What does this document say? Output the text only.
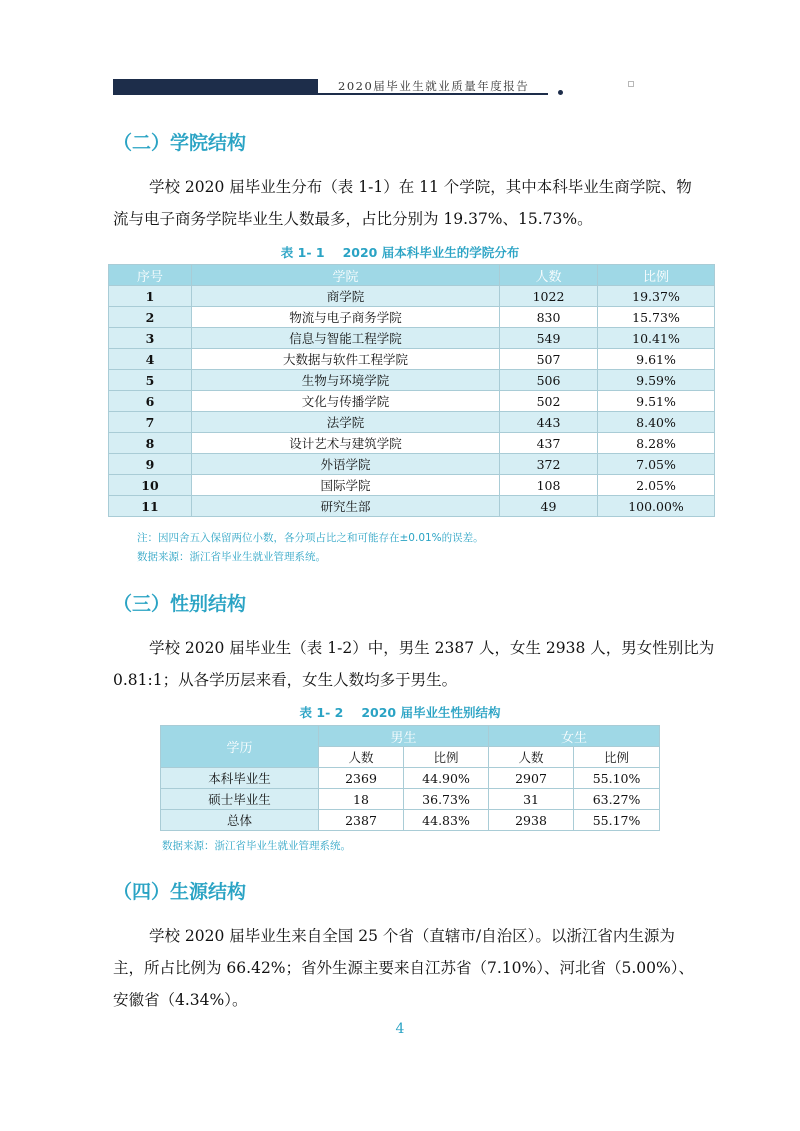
2020届毕业生就业质量年度报告
（二）学院结构
学校 2020 届毕业生分布（表 1-1）在 11 个学院，其中本科毕业生商学院、物
流与电子商务学院毕业生人数最多，占比分别为 19.37%、15.73%。
表 1- 1 2020 届本科毕业生的学院分布
序号	学院	人数	比例
1	商学院	1022	19.37%
2	物流与电子商务学院	830	15.73%
3	信息与智能工程学院	549	10.41%
4	大数据与软件工程学院	507	9.61%
5	生物与环境学院	506	9.59%
6	文化与传播学院	502	9.51%
7	法学院	443	8.40%
8	设计艺术与建筑学院	437	8.28%
9	外语学院	372	7.05%
10	国际学院	108	2.05%
11	研究生部	49	100.00%
注：因四舍五入保留两位小数，各分项占比之和可能存在±0.01%的误差。
数据来源：浙江省毕业生就业管理系统。
（三）性别结构
学校 2020 届毕业生（表 1-2）中，男生 2387 人，女生 2938 人，男女性别比为
0.81:1；从各学历层来看，女生人数均多于男生。
表 1- 2 2020 届毕业生性别结构
学历	男生		女生	
	人数	比例	人数	比例
本科毕业生	2369	44.90%	2907	55.10%
硕士毕业生	18	36.73%	31	63.27%
总体	2387	44.83%	2938	55.17%
数据来源：浙江省毕业生就业管理系统。
（四）生源结构
学校 2020 届毕业生来自全国 25 个省（直辖市/自治区）。以浙江省内生源为
主，所占比例为 66.42%；省外生源主要来自江苏省（7.10%）、河北省（5.00%）、
安徽省（4.34%）。
4
